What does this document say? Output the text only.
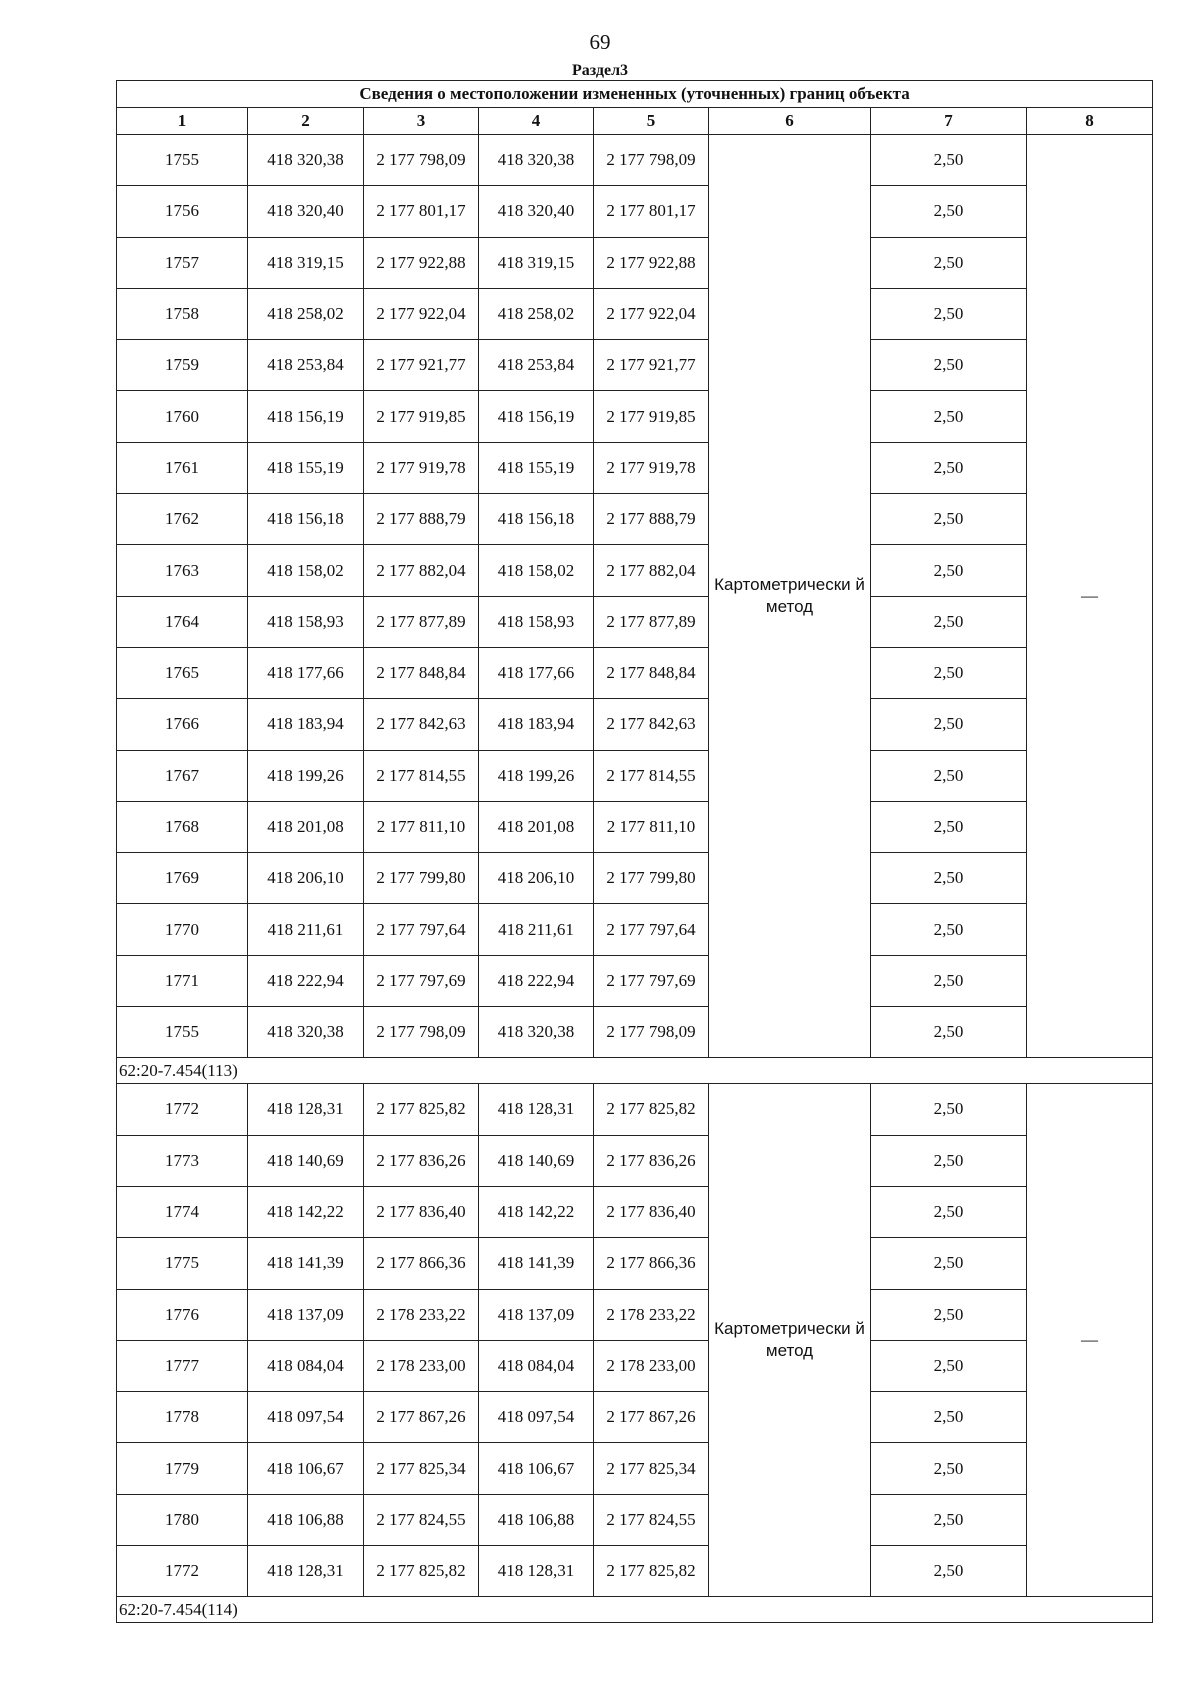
69
Раздел3
Сведения о местоположении измененных (уточненных) границ объекта							
1	2	3	4	5	6	7	8
1755	418 320,38	2 177 798,09	418 320,38	2 177 798,09	Картометрически й метод	2,50	—
1756	418 320,40	2 177 801,17	418 320,40	2 177 801,17		2,50	
1757	418 319,15	2 177 922,88	418 319,15	2 177 922,88		2,50	
1758	418 258,02	2 177 922,04	418 258,02	2 177 922,04		2,50	
1759	418 253,84	2 177 921,77	418 253,84	2 177 921,77		2,50	
1760	418 156,19	2 177 919,85	418 156,19	2 177 919,85		2,50	
1761	418 155,19	2 177 919,78	418 155,19	2 177 919,78		2,50	
1762	418 156,18	2 177 888,79	418 156,18	2 177 888,79		2,50	
1763	418 158,02	2 177 882,04	418 158,02	2 177 882,04		2,50	
1764	418 158,93	2 177 877,89	418 158,93	2 177 877,89		2,50	
1765	418 177,66	2 177 848,84	418 177,66	2 177 848,84		2,50	
1766	418 183,94	2 177 842,63	418 183,94	2 177 842,63		2,50	
1767	418 199,26	2 177 814,55	418 199,26	2 177 814,55		2,50	
1768	418 201,08	2 177 811,10	418 201,08	2 177 811,10		2,50	
1769	418 206,10	2 177 799,80	418 206,10	2 177 799,80		2,50	
1770	418 211,61	2 177 797,64	418 211,61	2 177 797,64		2,50	
1771	418 222,94	2 177 797,69	418 222,94	2 177 797,69		2,50	
1755	418 320,38	2 177 798,09	418 320,38	2 177 798,09		2,50	
62:20-7.454(113)							
1772	418 128,31	2 177 825,82	418 128,31	2 177 825,82	Картометрически й метод	2,50	—
1773	418 140,69	2 177 836,26	418 140,69	2 177 836,26		2,50	
1774	418 142,22	2 177 836,40	418 142,22	2 177 836,40		2,50	
1775	418 141,39	2 177 866,36	418 141,39	2 177 866,36		2,50	
1776	418 137,09	2 178 233,22	418 137,09	2 178 233,22		2,50	
1777	418 084,04	2 178 233,00	418 084,04	2 178 233,00		2,50	
1778	418 097,54	2 177 867,26	418 097,54	2 177 867,26		2,50	
1779	418 106,67	2 177 825,34	418 106,67	2 177 825,34		2,50	
1780	418 106,88	2 177 824,55	418 106,88	2 177 824,55		2,50	
1772	418 128,31	2 177 825,82	418 128,31	2 177 825,82		2,50	
62:20-7.454(114)							
